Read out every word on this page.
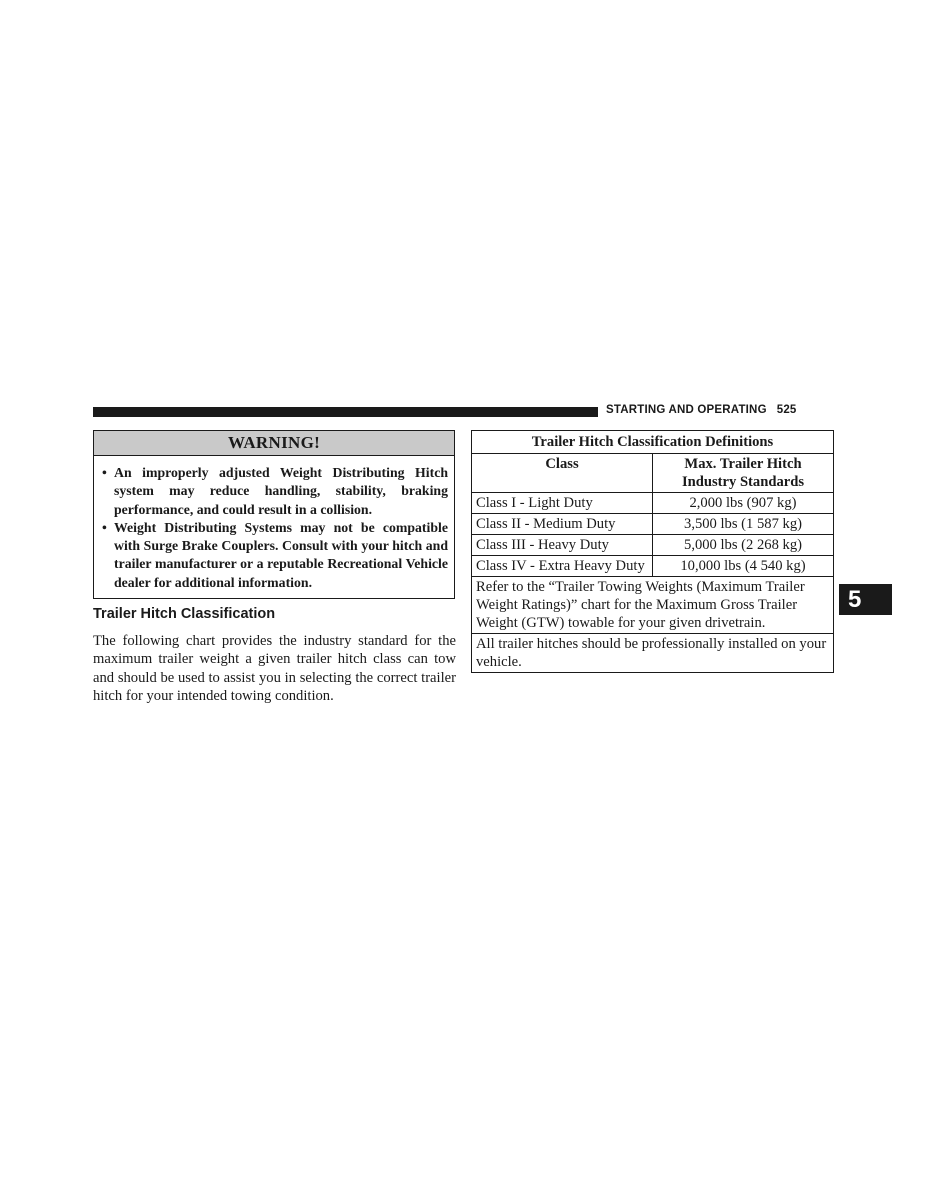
STARTING AND OPERATING 525
5
WARNING!
• An improperly adjusted Weight Distributing Hitch system may reduce handling, stability, braking performance, and could result in a collision.
• Weight Distributing Systems may not be compatible with Surge Brake Couplers. Consult with your hitch and trailer manufacturer or a reputable Recreational Vehicle dealer for additional information.
Trailer Hitch Classification

The following chart provides the industry standard for the maximum trailer weight a given trailer hitch class can tow and should be used to assist you in selecting the correct trailer hitch for your intended towing condition.

Trailer Hitch Classification Definitions	
Class	Max. Trailer Hitch Industry Standards
Class I - Light Duty	2,000 lbs (907 kg)
Class II - Medium Duty	3,500 lbs (1 587 kg)
Class III - Heavy Duty	5,000 lbs (2 268 kg)
Class IV - Extra Heavy Duty	10,000 lbs (4 540 kg)
Refer to the “Trailer Towing Weights (Maximum Trailer Weight Ratings)” chart for the Maximum Gross Trailer Weight (GTW) towable for your given drivetrain.	
All trailer hitches should be professionally installed on your vehicle.	
